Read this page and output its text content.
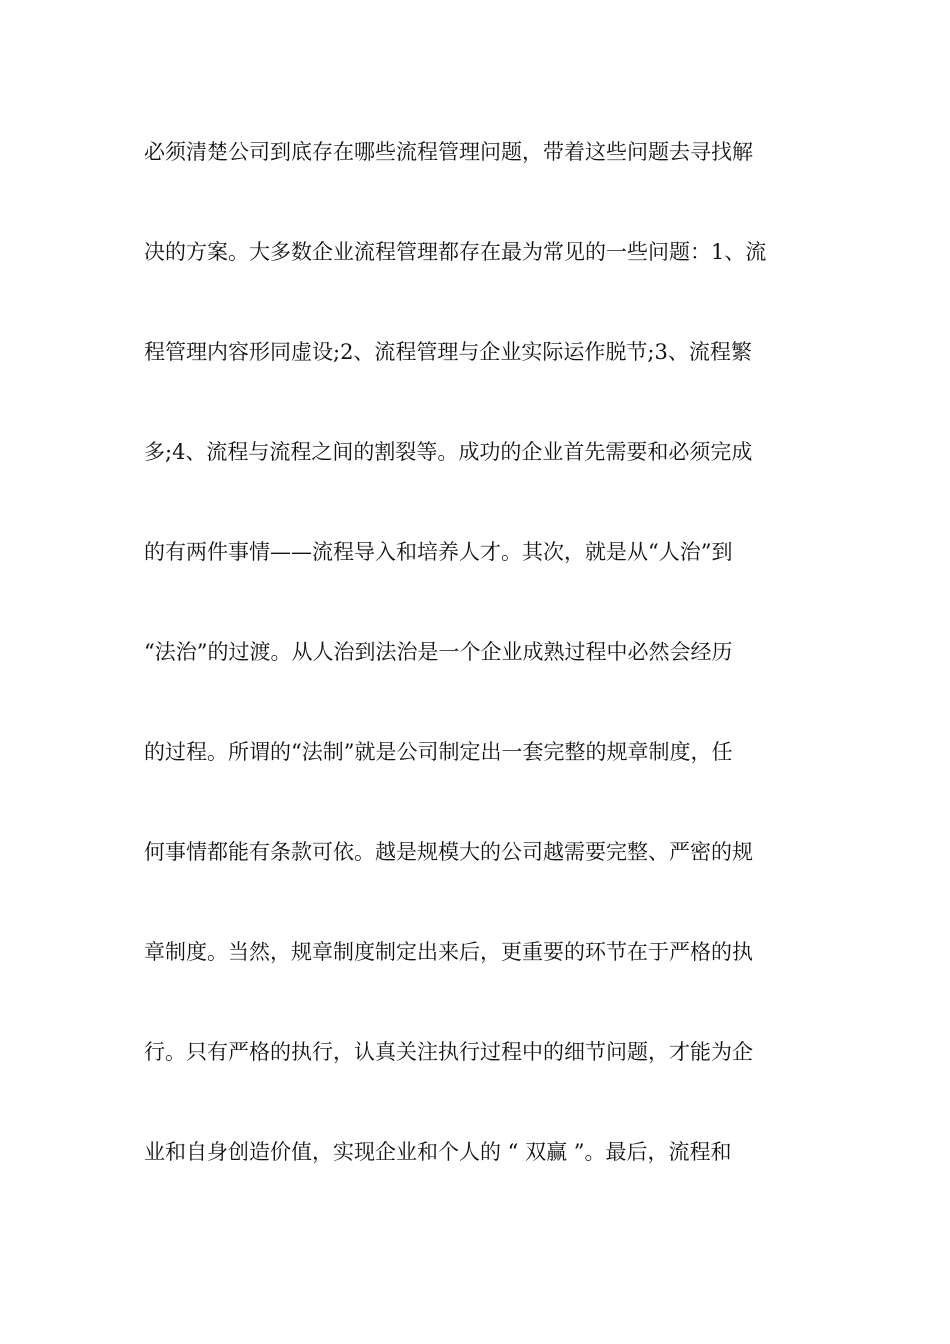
必须清楚公司到底存在哪些流程管理问题，带着这些问题去寻找解
决的方案。大多数企业流程管理都存在最为常见的一些问题：1、流
程管理内容形同虚设;2、流程管理与企业实际运作脱节;3、流程繁
多;4、流程与流程之间的割裂等。成功的企业首先需要和必须完成
的有两件事情——流程导入和培养人才。其次，就是从“人治”到
“法治”的过渡。从人治到法治是一个企业成熟过程中必然会经历
的过程。所谓的“法制”就是公司制定出一套完整的规章制度，任
何事情都能有条款可依。越是规模大的公司越需要完整、严密的规
章制度。当然，规章制度制定出来后，更重要的环节在于严格的执
行。只有严格的执行，认真关注执行过程中的细节问题，才能为企
业和自身创造价值，实现企业和个人的 “ 双赢 ”。最后，流程和
